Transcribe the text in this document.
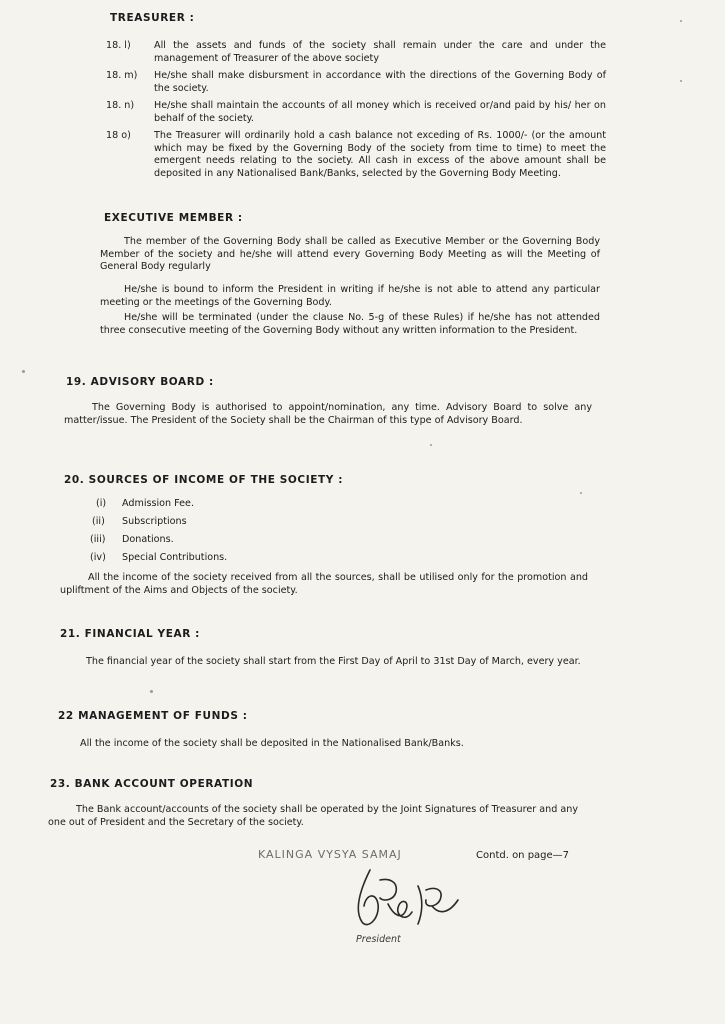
TREASURER :
18. l) All the assets and funds of the society shall remain under the care and under the management of Treasurer of the above society
18. m) He/she shall make disbursment in accordance with the directions of the Governing Body of the society.
18. n) He/she shall maintain the accounts of all money which is received or/and paid by his/ her on behalf of the society.
18 o) The Treasurer will ordinarily hold a cash balance not exceding of Rs. 1000/- (or the amount which may be fixed by the Governing Body of the society from time to time) to meet the emergent needs relating to the society. All cash in excess of the above amount shall be deposited in any Nationalised Bank/Banks, selected by the Governing Body Meeting.
EXECUTIVE MEMBER :
The member of the Governing Body shall be called as Executive Member or the Governing Body Member of the society and he/she will attend every Governing Body Meeting as will the Meeting of General Body regularly
He/she is bound to inform the President in writing if he/she is not able to attend any particular meeting or the meetings of the Governing Body.
He/she will be terminated (under the clause No. 5-g of these Rules) if he/she has not attended three consecutive meeting of the Governing Body without any written information to the President.
19. ADVISORY BOARD :
The Governing Body is authorised to appoint/nomination, any time. Advisory Board to solve any matter/issue. The President of the Society shall be the Chairman of this type of Advisory Board.
20. SOURCES OF INCOME OF THE SOCIETY :
(i) Admission Fee.
(ii) Subscriptions
(iii) Donations.
(iv) Special Contributions.
All the income of the society received from all the sources, shall be utilised only for the promotion and upliftment of the Aims and Objects of the society.
21. FINANCIAL YEAR :
The financial year of the society shall start from the First Day of April to 31st Day of March, every year.
22 MANAGEMENT OF FUNDS :
All the income of the society shall be deposited in the Nationalised Bank/Banks.
23. BANK ACCOUNT OPERATION
The Bank account/accounts of the society shall be operated by the Joint Signatures of Treasurer and any one out of President and the Secretary of the society.
KALINGA VYSYA SAMAJ	Contd. on page—7
President
